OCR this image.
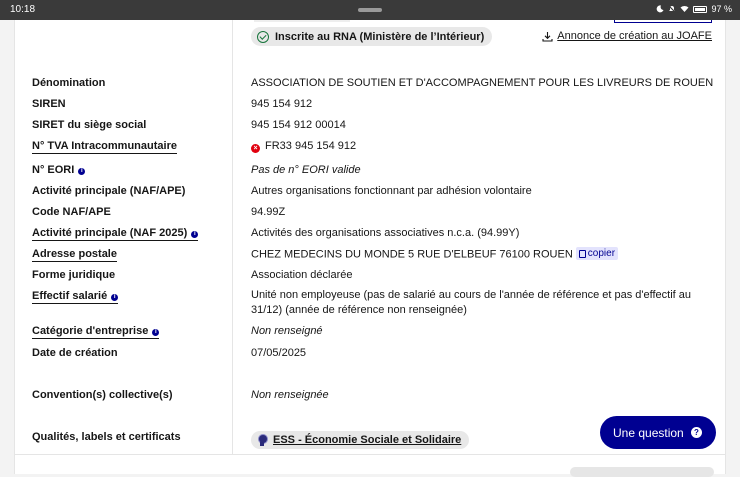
10:18	97 %
Inscrite au RNA (Ministère de l’Intérieur)	Annonce de création au JOAFE
Dénomination	ASSOCIATION DE SOUTIEN ET D'ACCOMPAGNEMENT POUR LES LIVREURS DE ROUEN
SIREN	945 154 912
SIRET du siège social	945 154 912 00014
N° TVA Intracommunautaire	× FR33 945 154 912
N° EORI i	Pas de n° EORI valide
Activité principale (NAF/APE)	Autres organisations fonctionnant par adhésion volontaire
Code NAF/APE	94.99Z
Activité principale (NAF 2025) i	Activités des organisations associatives n.c.a. (94.99Y)
Adresse postale	CHEZ MEDECINS DU MONDE 5 RUE D'ELBEUF 76100 ROUEN copier
Forme juridique	Association déclarée
Effectif salarié i	Unité non employeuse (pas de salarié au cours de l'année de référence et pas d'effectif au 31/12) (année de référence non renseignée)
Catégorie d'entreprise i	Non renseigné
Date de création	07/05/2025
Convention(s) collective(s)	Non renseignée
Qualités, labels et certificats	ESS - Économie Sociale et Solidaire
Une question	?
